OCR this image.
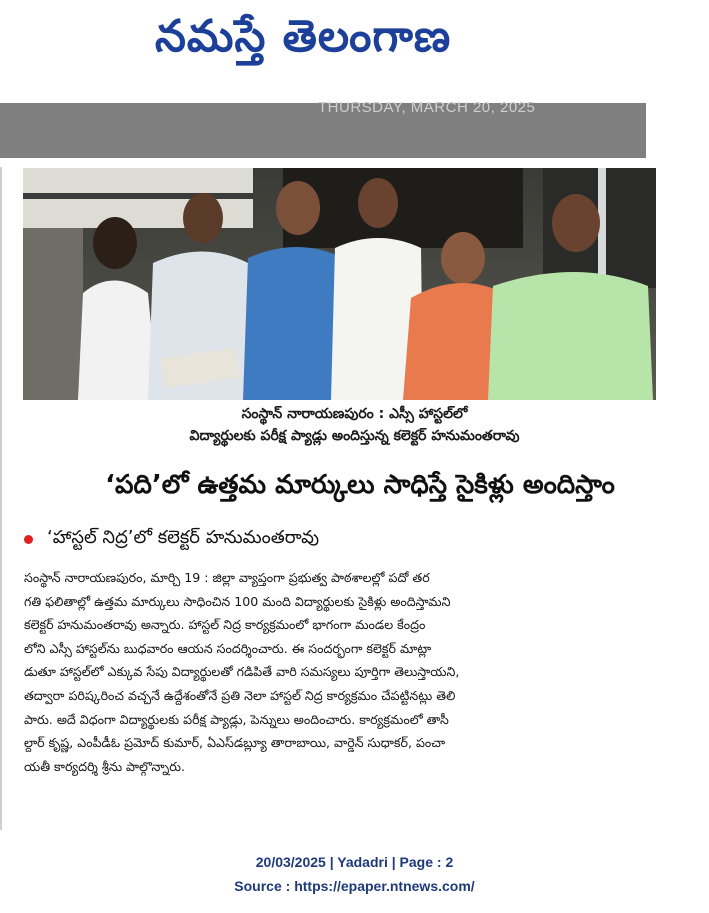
నమస్తే తెలంగాణ
THURSDAY, MARCH 20, 2025
సంస్థాన్ నారాయణపురం : ఎస్సీ హాస్టల్‌లో
విద్యార్థులకు పరీక్ష ప్యాడ్లు అందిస్తున్న కలెక్టర్ హనుమంతరావు
‘పది’లో ఉత్తమ మార్కులు సాధిస్తే సైకిళ్లు అందిస్తాం
‘హాస్టల్ నిద్ర’లో కలెక్టర్ హనుమంతరావు
సంస్థాన్ నారాయణపురం, మార్చి 19 : జిల్లా వ్యాప్తంగా ప్రభుత్వ పాఠశాలల్లో పదో తర
గతి ఫలితాల్లో ఉత్తమ మార్కులు సాధించిన 100 మంది విద్యార్థులకు సైకిళ్లు అందిస్తామని
కలెక్టర్ హనుమంతరావు అన్నారు. హాస్టల్ నిద్ర కార్యక్రమంలో భాగంగా మండల కేంద్రం
లోని ఎస్సీ హాస్టల్‌ను బుధవారం ఆయన సందర్శించారు. ఈ సందర్భంగా కలెక్టర్ మాట్లా
డుతూ హాస్టల్‌లో ఎక్కువ సేపు విద్యార్థులతో గడిపితే వారి సమస్యలు పూర్తిగా తెలుస్తాయని,
తద్వారా పరిష్కరించ వచ్చనే ఉద్దేశంతోనే ప్రతి నెలా హాస్టల్ నిద్ర కార్యక్రమం చేపట్టినట్లు తెలి
పారు. అదే విధంగా విద్యార్థులకు పరీక్ష ప్యాడ్లు, పెన్నులు అందించారు. కార్యక్రమంలో తాసీ
ల్దార్ కృష్ణ, ఎంపీడీఓ ప్రమోద్ కుమార్, ఏఎస్‌డబ్ల్యూ తారాబాయి, వార్డెన్ సుధాకర్, పంచా
యతీ కార్యదర్శి శ్రీను పాల్గొన్నారు.
20/03/2025 | Yadadri | Page : 2
Source : https://epaper.ntnews.com/
